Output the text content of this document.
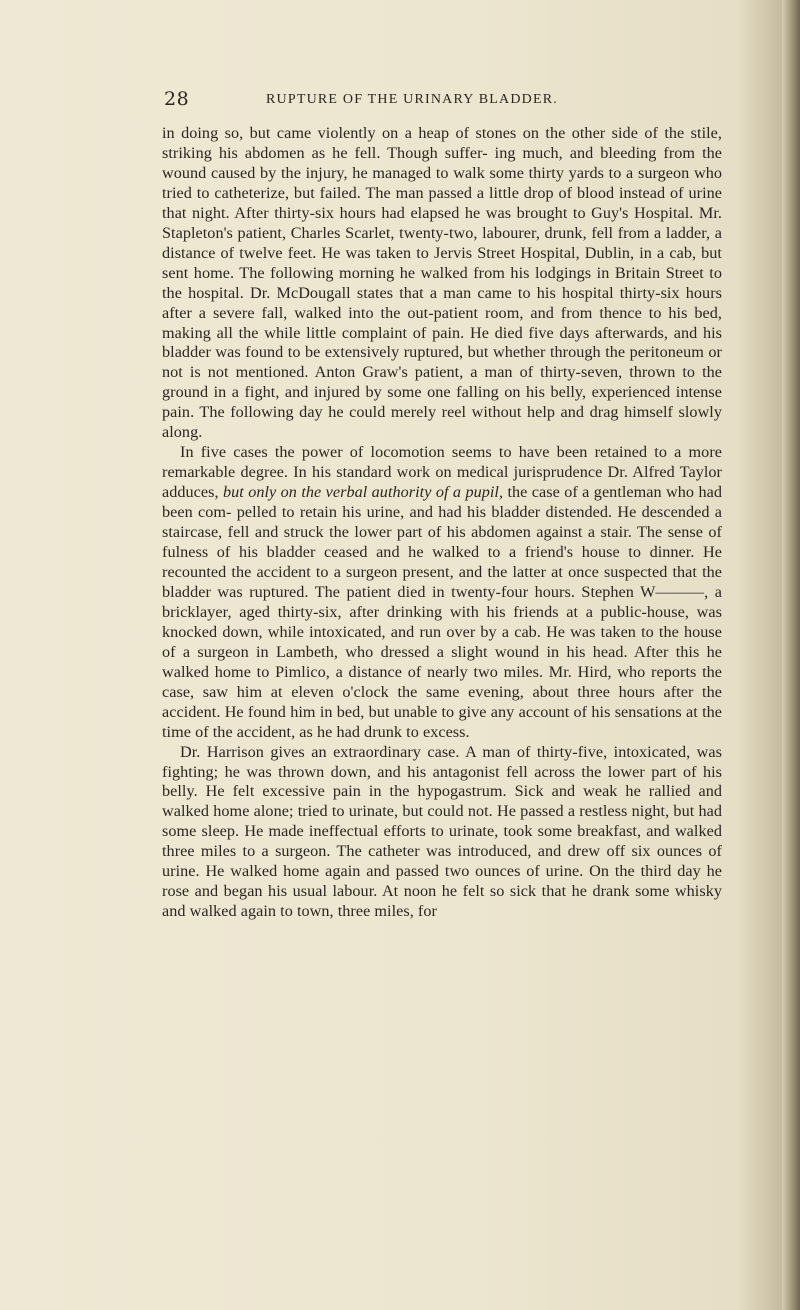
28	RUPTURE OF THE URINARY BLADDER.

in doing so, but came violently on a heap of stones on the other side of the stile, striking his abdomen as he fell. Though suffer- ing much, and bleeding from the wound caused by the injury, he managed to walk some thirty yards to a surgeon who tried to catheterize, but failed. The man passed a little drop of blood instead of urine that night. After thirty-six hours had elapsed he was brought to Guy's Hospital. Mr. Stapleton's patient, Charles Scarlet, twenty-two, labourer, drunk, fell from a ladder, a distance of twelve feet. He was taken to Jervis Street Hospital, Dublin, in a cab, but sent home. The following morning he walked from his lodgings in Britain Street to the hospital. Dr. McDougall states that a man came to his hospital thirty-six hours after a severe fall, walked into the out-patient room, and from thence to his bed, making all the while little complaint of pain. He died five days afterwards, and his bladder was found to be extensively ruptured, but whether through the peritoneum or not is not mentioned. Anton Graw's patient, a man of thirty-seven, thrown to the ground in a fight, and injured by some one falling on his belly, experienced intense pain. The following day he could merely reel without help and drag himself slowly along.

In five cases the power of locomotion seems to have been retained to a more remarkable degree. In his standard work on medical jurisprudence Dr. Alfred Taylor adduces, but only on the verbal authority of a pupil, the case of a gentleman who had been com- pelled to retain his urine, and had his bladder distended. He descended a staircase, fell and struck the lower part of his abdomen against a stair. The sense of fulness of his bladder ceased and he walked to a friend's house to dinner. He recounted the accident to a surgeon present, and the latter at once suspected that the bladder was ruptured. The patient died in twenty-four hours. Stephen W———, a bricklayer, aged thirty-six, after drinking with his friends at a public-house, was knocked down, while intoxicated, and run over by a cab. He was taken to the house of a surgeon in Lambeth, who dressed a slight wound in his head. After this he walked home to Pimlico, a distance of nearly two miles. Mr. Hird, who reports the case, saw him at eleven o'clock the same evening, about three hours after the accident. He found him in bed, but unable to give any account of his sensations at the time of the accident, as he had drunk to excess.

Dr. Harrison gives an extraordinary case. A man of thirty-five, intoxicated, was fighting; he was thrown down, and his antagonist fell across the lower part of his belly. He felt excessive pain in the hypogastrum. Sick and weak he rallied and walked home alone; tried to urinate, but could not. He passed a restless night, but had some sleep. He made ineffectual efforts to urinate, took some breakfast, and walked three miles to a surgeon. The catheter was introduced, and drew off six ounces of urine. He walked home again and passed two ounces of urine. On the third day he rose and began his usual labour. At noon he felt so sick that he drank some whisky and walked again to town, three miles, for
